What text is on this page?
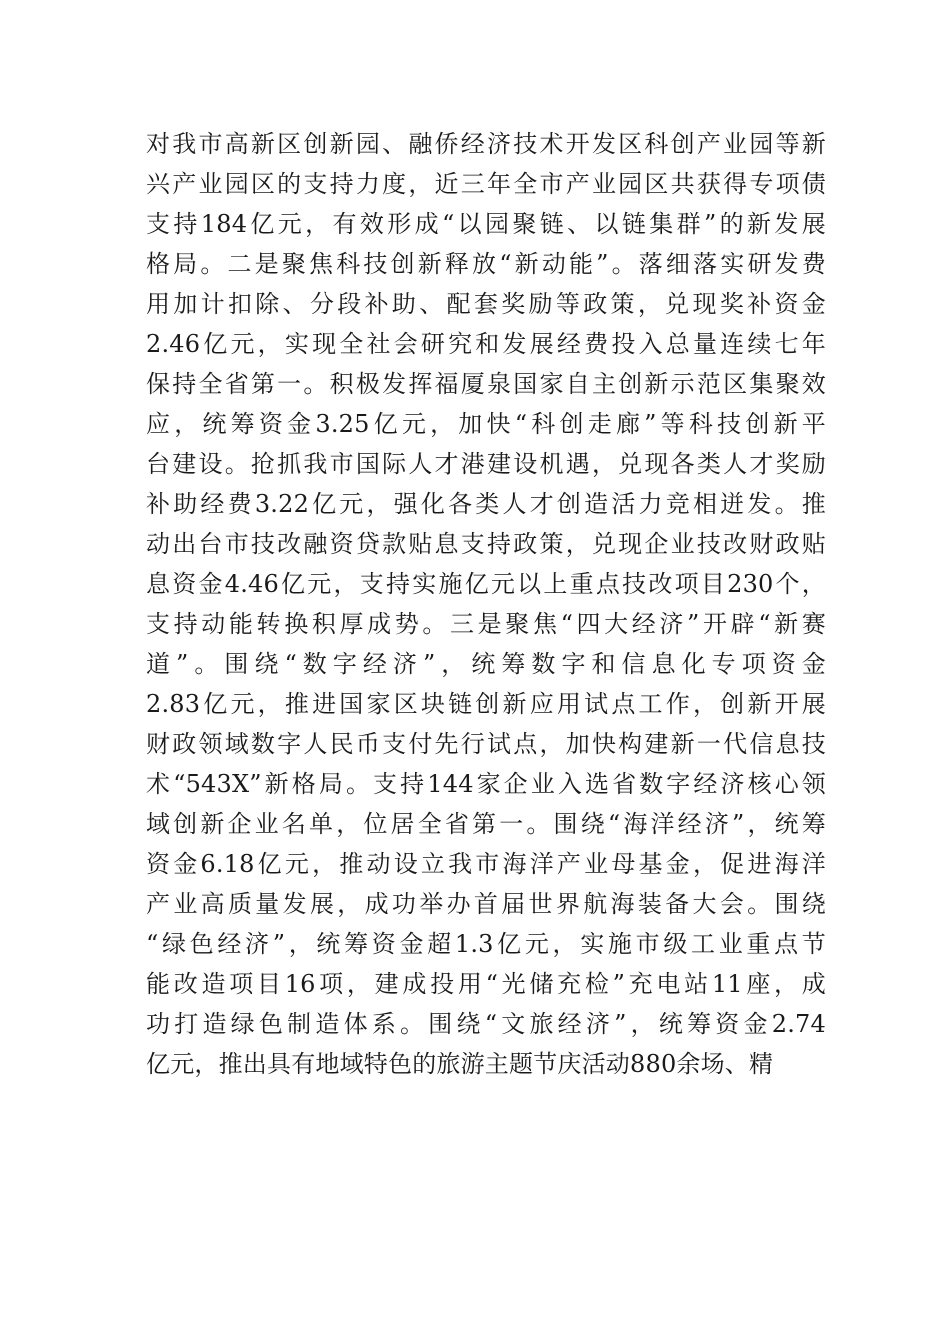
对我市高新区创新园、融侨经济技术开发区科创产业园等新
兴产业园区的支持力度，近三年全市产业园区共获得专项债
支持184亿元，有效形成“以园聚链、以链集群”的新发展
格局。二是聚焦科技创新释放“新动能”。落细落实研发费
用加计扣除、分段补助、配套奖励等政策，兑现奖补资金
2.46亿元，实现全社会研究和发展经费投入总量连续七年
保持全省第一。积极发挥福厦泉国家自主创新示范区集聚效
应，统筹资金3.25亿元，加快“科创走廊”等科技创新平
台建设。抢抓我市国际人才港建设机遇，兑现各类人才奖励
补助经费3.22亿元，强化各类人才创造活力竞相迸发。推
动出台市技改融资贷款贴息支持政策，兑现企业技改财政贴
息资金4.46亿元，支持实施亿元以上重点技改项目230个，
支持动能转换积厚成势。三是聚焦“四大经济”开辟“新赛
道”。围绕“数字经济”，统筹数字和信息化专项资金
2.83亿元，推进国家区块链创新应用试点工作，创新开展
财政领域数字人民币支付先行试点，加快构建新一代信息技
术“543X”新格局。支持144家企业入选省数字经济核心领
域创新企业名单，位居全省第一。围绕“海洋经济”，统筹
资金6.18亿元，推动设立我市海洋产业母基金，促进海洋
产业高质量发展，成功举办首届世界航海装备大会。围绕
“绿色经济”，统筹资金超1.3亿元，实施市级工业重点节
能改造项目16项，建成投用“光储充检”充电站11座，成
功打造绿色制造体系。围绕“文旅经济”，统筹资金2.74
亿元，推出具有地域特色的旅游主题节庆活动880余场、精
